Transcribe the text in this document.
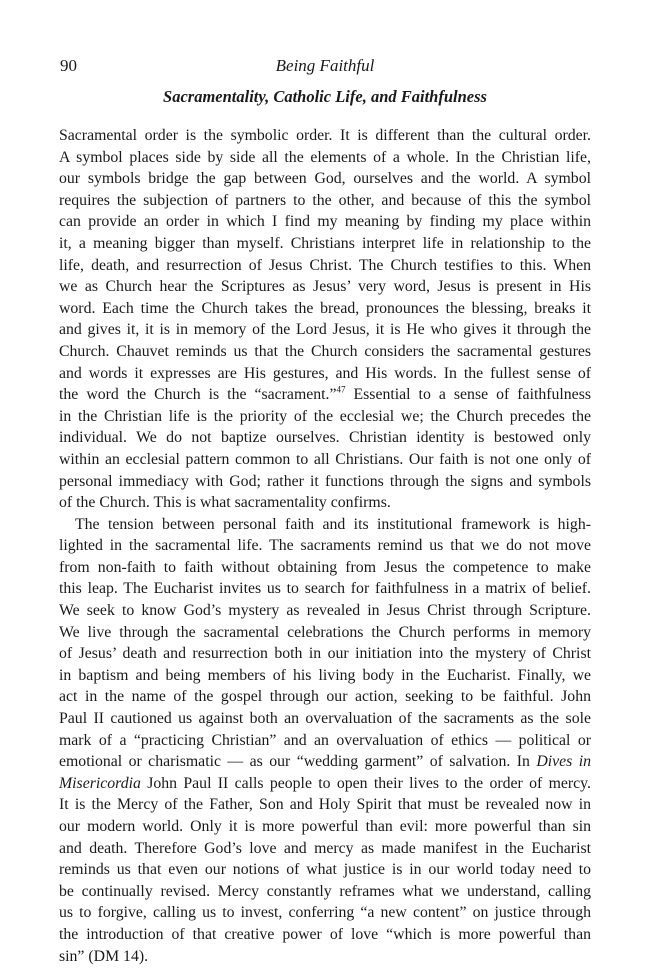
90	Being Faithful
Sacramentality, Catholic Life, and Faithfulness

Sacramental order is the symbolic order. It is different than the cultural order.
A symbol places side by side all the elements of a whole. In the Christian life,
our symbols bridge the gap between God, ourselves and the world. A symbol
requires the subjection of partners to the other, and because of this the symbol
can provide an order in which I find my meaning by finding my place within
it, a meaning bigger than myself. Christians interpret life in relationship to the
life, death, and resurrection of Jesus Christ. The Church testifies to this. When
we as Church hear the Scriptures as Jesus’ very word, Jesus is present in His
word. Each time the Church takes the bread, pronounces the blessing, breaks it
and gives it, it is in memory of the Lord Jesus, it is He who gives it through the
Church. Chauvet reminds us that the Church considers the sacramental gestures
and words it expresses are His gestures, and His words. In the fullest sense of
the word the Church is the “sacrament.”$^{47}$ Essential to a sense of faithfulness
in the Christian life is the priority of the ecclesial we; the Church precedes the
individual. We do not baptize ourselves. Christian identity is bestowed only
within an ecclesial pattern common to all Christians. Our faith is not one only of
personal immediacy with God; rather it functions through the signs and symbols
of the Church. This is what sacramentality confirms.

The tension between personal faith and its institutional framework is high-
lighted in the sacramental life. The sacraments remind us that we do not move
from non-faith to faith without obtaining from Jesus the competence to make
this leap. The Eucharist invites us to search for faithfulness in a matrix of belief.
We seek to know God’s mystery as revealed in Jesus Christ through Scripture.
We live through the sacramental celebrations the Church performs in memory
of Jesus’ death and resurrection both in our initiation into the mystery of Christ
in baptism and being members of his living body in the Eucharist. Finally, we
act in the name of the gospel through our action, seeking to be faithful. John
Paul II cautioned us against both an overvaluation of the sacraments as the sole
mark of a “practicing Christian” and an overvaluation of ethics — political or
emotional or charismatic — as our “wedding garment” of salvation. In Dives in
Misericordia John Paul II calls people to open their lives to the order of mercy.
It is the Mercy of the Father, Son and Holy Spirit that must be revealed now in
our modern world. Only it is more powerful than evil: more powerful than sin
and death. Therefore God’s love and mercy as made manifest in the Eucharist
reminds us that even our notions of what justice is in our world today need to
be continually revised. Mercy constantly reframes what we understand, calling
us to forgive, calling us to invest, conferring “a new content” on justice through
the introduction of that creative power of love “which is more powerful than
sin” (DM 14).
